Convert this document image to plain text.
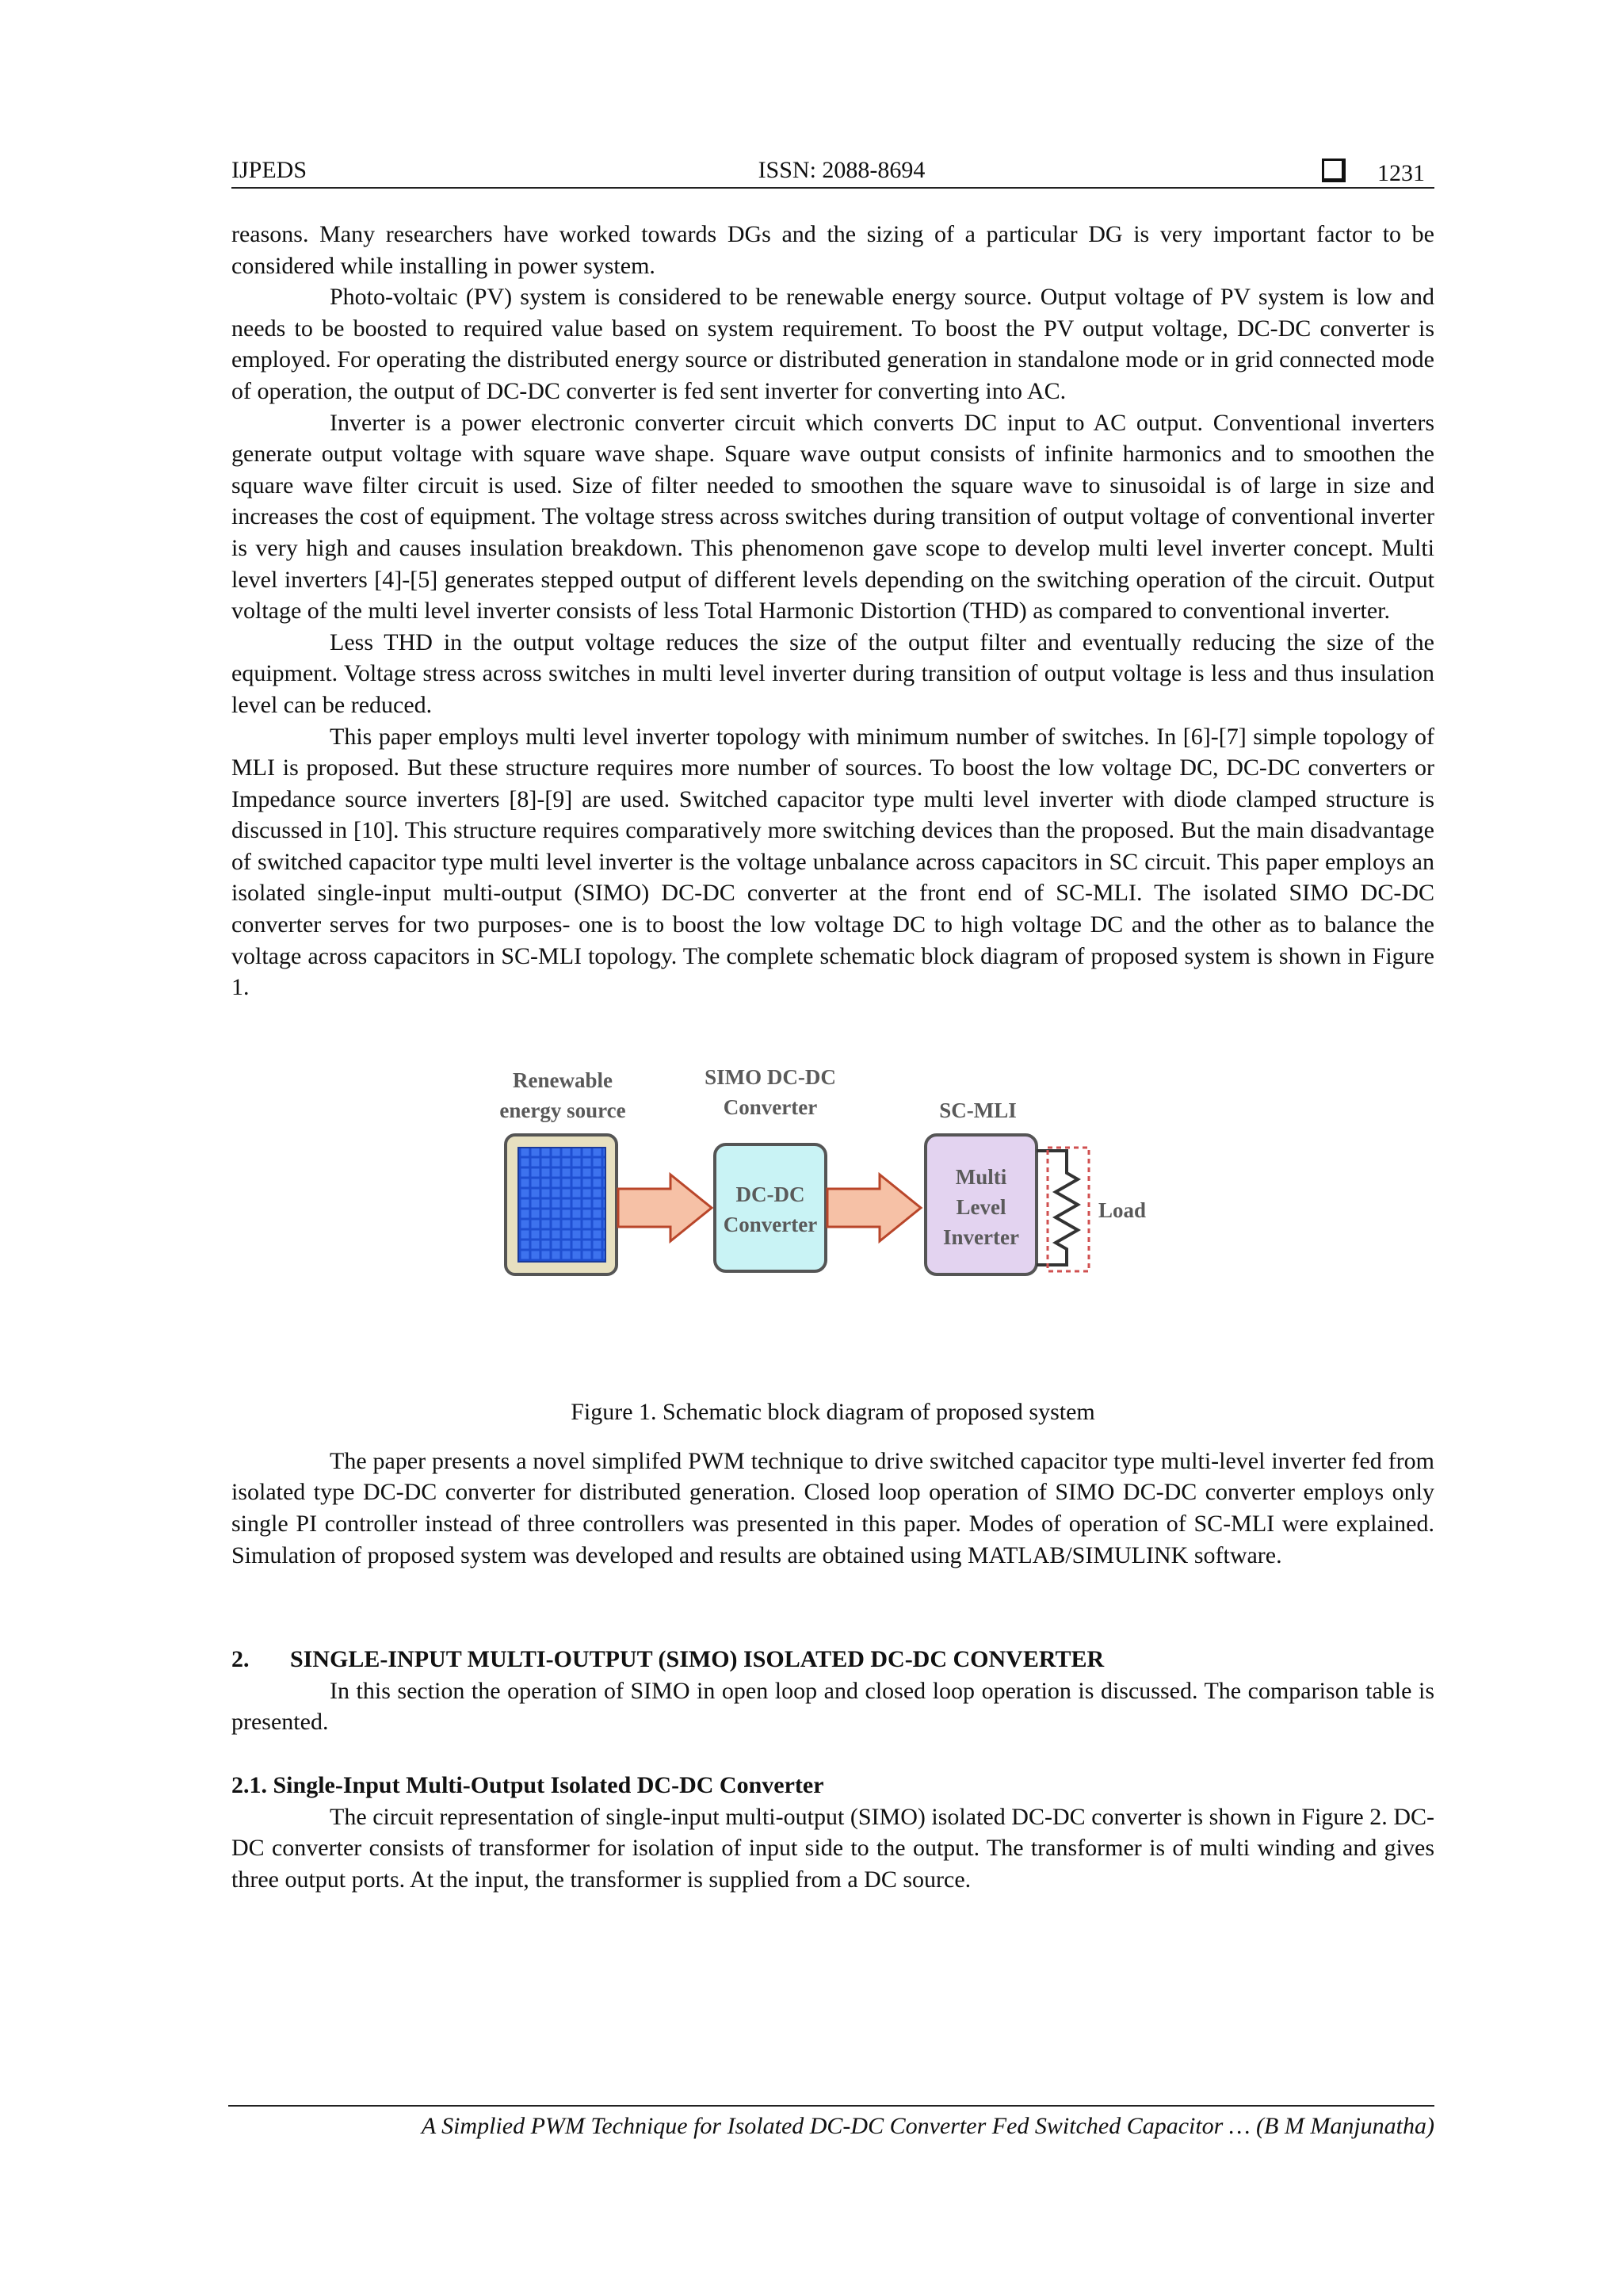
IJPEDS	ISSN: 2088-8694	1231

reasons. Many researchers have worked towards DGs and the sizing of a particular DG is very important factor to be considered while installing in power system.

Photo-voltaic (PV) system is considered to be renewable energy source. Output voltage of PV system is low and needs to be boosted to required value based on system requirement. To boost the PV output voltage, DC-DC converter is employed. For operating the distributed energy source or distributed generation in standalone mode or in grid connected mode of operation, the output of DC-DC converter is fed sent inverter for converting into AC.

Inverter is a power electronic converter circuit which converts DC input to AC output. Conventional inverters generate output voltage with square wave shape. Square wave output consists of infinite harmonics and to smoothen the square wave filter circuit is used. Size of filter needed to smoothen the square wave to sinusoidal is of large in size and increases the cost of equipment. The voltage stress across switches during transition of output voltage of conventional inverter is very high and causes insulation breakdown. This phenomenon gave scope to develop multi level inverter concept. Multi level inverters [4]-[5] generates stepped output of different levels depending on the switching operation of the circuit. Output voltage of the multi level inverter consists of less Total Harmonic Distortion (THD) as compared to conventional inverter.

Less THD in the output voltage reduces the size of the output filter and eventually reducing the size of the equipment. Voltage stress across switches in multi level inverter during transition of output voltage is less and thus insulation level can be reduced.

This paper employs multi level inverter topology with minimum number of switches. In [6]-[7] simple topology of MLI is proposed. But these structure requires more number of sources. To boost the low voltage DC, DC-DC converters or Impedance source inverters [8]-[9] are used. Switched capacitor type multi level inverter with diode clamped structure is discussed in [10]. This structure requires comparatively more switching devices than the proposed. But the main disadvantage of switched capacitor type multi level inverter is the voltage unbalance across capacitors in SC circuit. This paper employs an isolated single-input multi-output (SIMO) DC-DC converter at the front end of SC-MLI. The isolated SIMO DC-DC converter serves for two purposes- one is to boost the low voltage DC to high voltage DC and the other as to balance the voltage across capacitors in SC-MLI topology. The complete schematic block diagram of proposed system is shown in Figure 1.

Renewable
energy source
SIMO DC-DC
Converter	SC-MLI
DC-DC
Converter
Multi
Level
Inverter
Load
Figure 1. Schematic block diagram of proposed system

The paper presents a novel simplifed PWM technique to drive switched capacitor type multi-level inverter fed from isolated type DC-DC converter for distributed generation. Closed loop operation of SIMO DC-DC converter employs only single PI controller instead of three controllers was presented in this paper. Modes of operation of SC-MLI were explained. Simulation of proposed system was developed and results are obtained using MATLAB/SIMULINK software.

2. SINGLE-INPUT MULTI-OUTPUT (SIMO) ISOLATED DC-DC CONVERTER

In this section the operation of SIMO in open loop and closed loop operation is discussed. The comparison table is presented.

2.1. Single-Input Multi-Output Isolated DC-DC Converter

The circuit representation of single-input multi-output (SIMO) isolated DC-DC converter is shown in Figure 2. DC-DC converter consists of transformer for isolation of input side to the output. The transformer is of multi winding and gives three output ports. At the input, the transformer is supplied from a DC source.

A Simplied PWM Technique for Isolated DC-DC Converter Fed Switched Capacitor … (B M Manjunatha)
